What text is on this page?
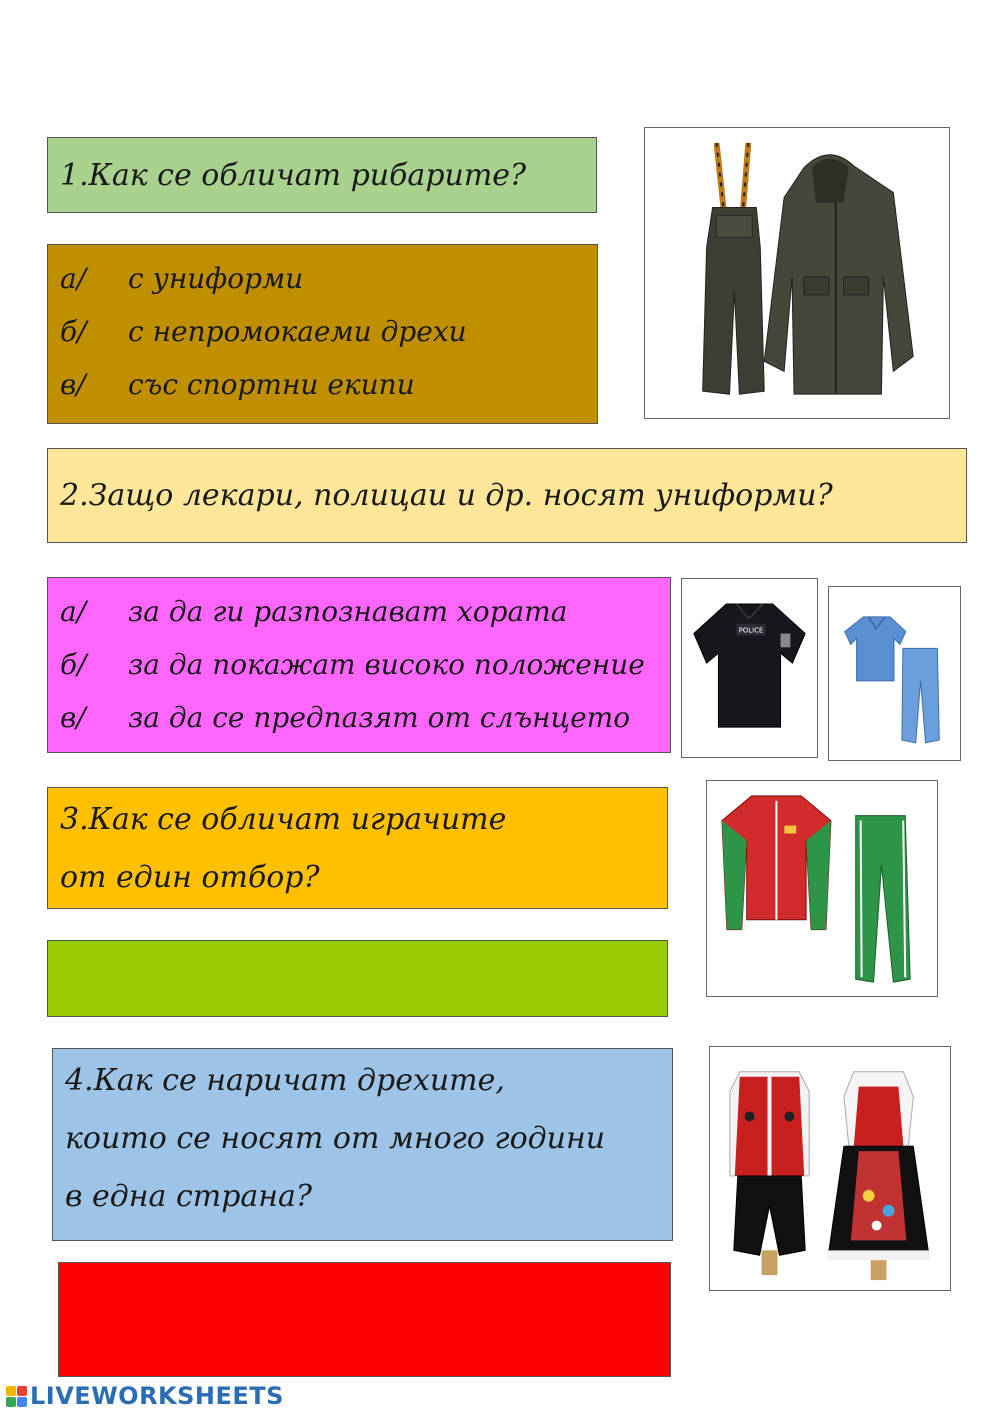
1.Как се обличат рибарите?
а/	с униформи
б/	с непромокаеми дрехи
в/	със спортни екипи
2.Защо лекари, полицаи и др. носят униформи?
а/	за да ги разпознават хората
б/	за да покажат високо положение
в/	за да се предпазят от слънцето
POLICE
3.Как се обличат играчите
от един отбор?
4.Как се наричат дрехите,
които се носят от много години
в една страна?
LIVEWORKSHEETS
